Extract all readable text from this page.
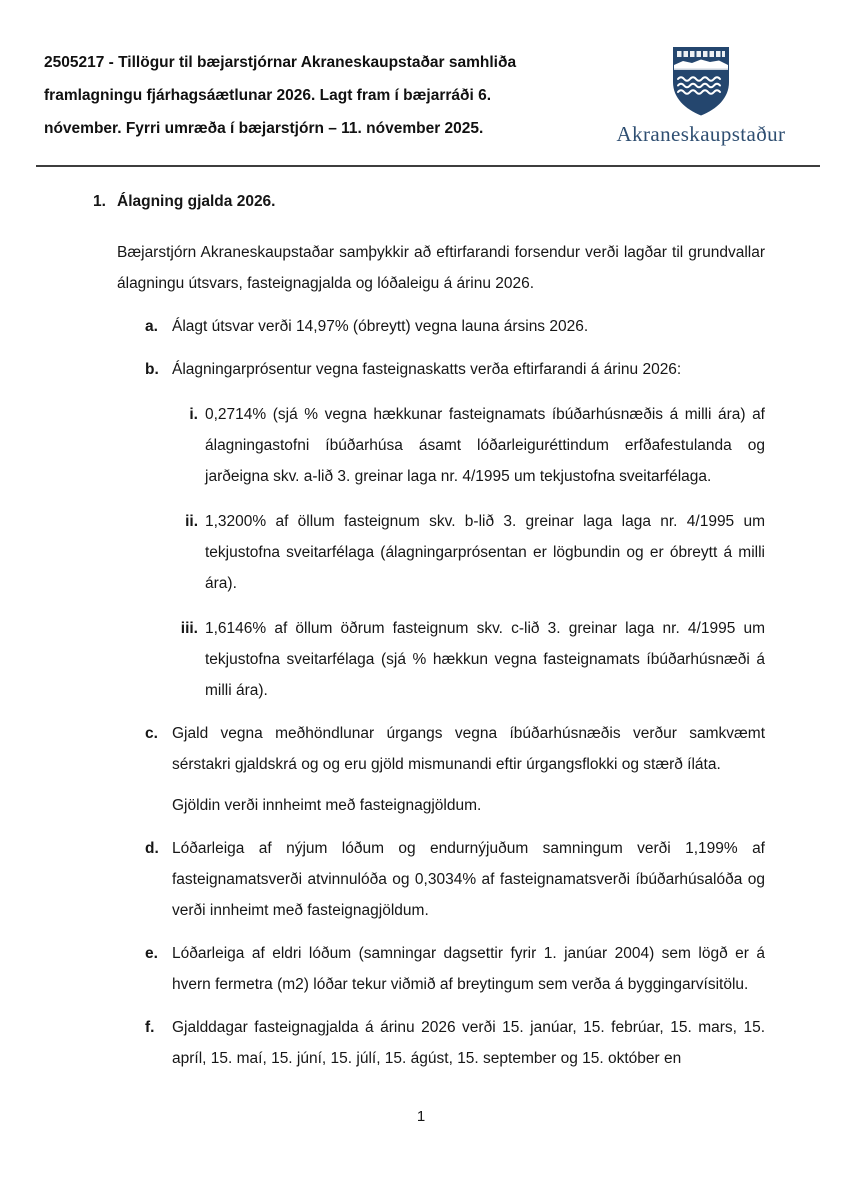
2505217 - Tillögur til bæjarstjórnar Akraneskaupstaðar samhliða framlagningu fjárhagsáætlunar 2026. Lagt fram í bæjarráði 6. nóvember. Fyrri umræða í bæjarstjórn – 11. nóvember 2025.	Akraneskaupstaður
1. Álagning gjalda 2026.

Bæjarstjórn Akraneskaupstaðar samþykkir að eftirfarandi forsendur verði lagðar til grundvallar álagningu útsvars, fasteignagjalda og lóðaleigu á árinu 2026.

a. Álagt útsvar verði 14,97% (óbreytt) vegna launa ársins 2026.
b. Álagningarprósentur vegna fasteignaskatts verða eftirfarandi á árinu 2026:
i. 0,2714% (sjá % vegna hækkunar fasteignamats íbúðarhúsnæðis á milli ára) af álagningastofni íbúðarhúsa ásamt lóðarleiguréttindum erfðafestulanda og jarðeigna skv. a-lið 3. greinar laga nr. 4/1995 um tekjustofna sveitarfélaga.
ii. 1,3200% af öllum fasteignum skv. b-lið 3. greinar laga laga nr. 4/1995 um tekjustofna sveitarfélaga (álagningarprósentan er lögbundin og er óbreytt á milli ára).
iii. 1,6146% af öllum öðrum fasteignum skv. c-lið 3. greinar laga nr. 4/1995 um tekjustofna sveitarfélaga (sjá % hækkun vegna fasteignamats íbúðarhúsnæði á milli ára).
c. Gjald vegna meðhöndlunar úrgangs vegna íbúðarhúsnæðis verður samkvæmt sérstakri gjaldskrá og og eru gjöld mismunandi eftir úrgangsflokki og stærð íláta.

Gjöldin verði innheimt með fasteignagjöldum.

d. Lóðarleiga af nýjum lóðum og endurnýjuðum samningum verði 1,199% af fasteignamatsverði atvinnulóða og 0,3034% af fasteignamatsverði íbúðarhúsalóða og verði innheimt með fasteignagjöldum.
e. Lóðarleiga af eldri lóðum (samningar dagsettir fyrir 1. janúar 2004) sem lögð er á hvern fermetra (m2) lóðar tekur viðmið af breytingum sem verða á byggingarvísitölu.
f.	Gjalddagar fasteignagjalda á árinu 2026 verði 15. janúar, 15. febrúar, 15. mars, 15. apríl, 15. maí, 15. júní, 15. júlí, 15. ágúst, 15. september og 15. október en
1
